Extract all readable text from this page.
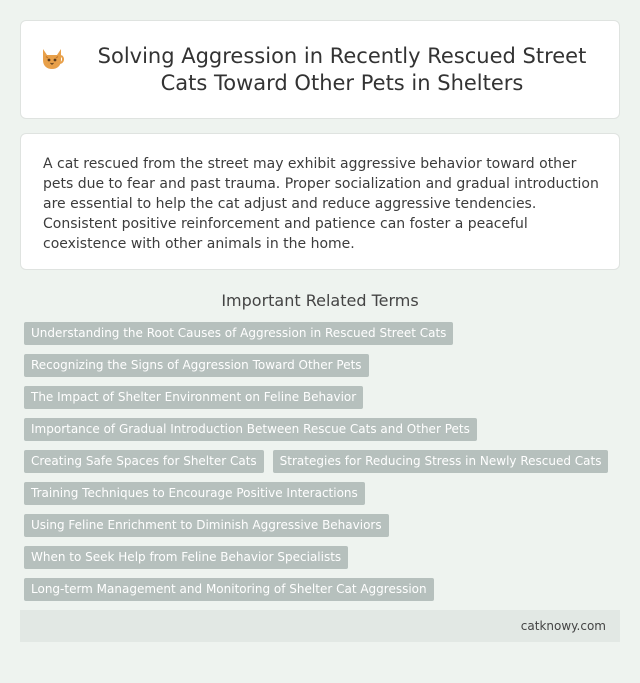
Solving Aggression in Recently Rescued Street Cats Toward Other Pets in Shelters

A cat rescued from the street may exhibit aggressive behavior toward other pets due to fear and past trauma. Proper socialization and gradual introduction are essential to help the cat adjust and reduce aggressive tendencies. Consistent positive reinforcement and patience can foster a peaceful coexistence with other animals in the home.

Important Related Terms
Understanding the Root Causes of Aggression in Rescued Street Cats
Recognizing the Signs of Aggression Toward Other Pets
The Impact of Shelter Environment on Feline Behavior
Importance of Gradual Introduction Between Rescue Cats and Other Pets
Creating Safe Spaces for Shelter Cats	Strategies for Reducing Stress in Newly Rescued Cats
Training Techniques to Encourage Positive Interactions
Using Feline Enrichment to Diminish Aggressive Behaviors
When to Seek Help from Feline Behavior Specialists
Long-term Management and Monitoring of Shelter Cat Aggression
catknowy.com
